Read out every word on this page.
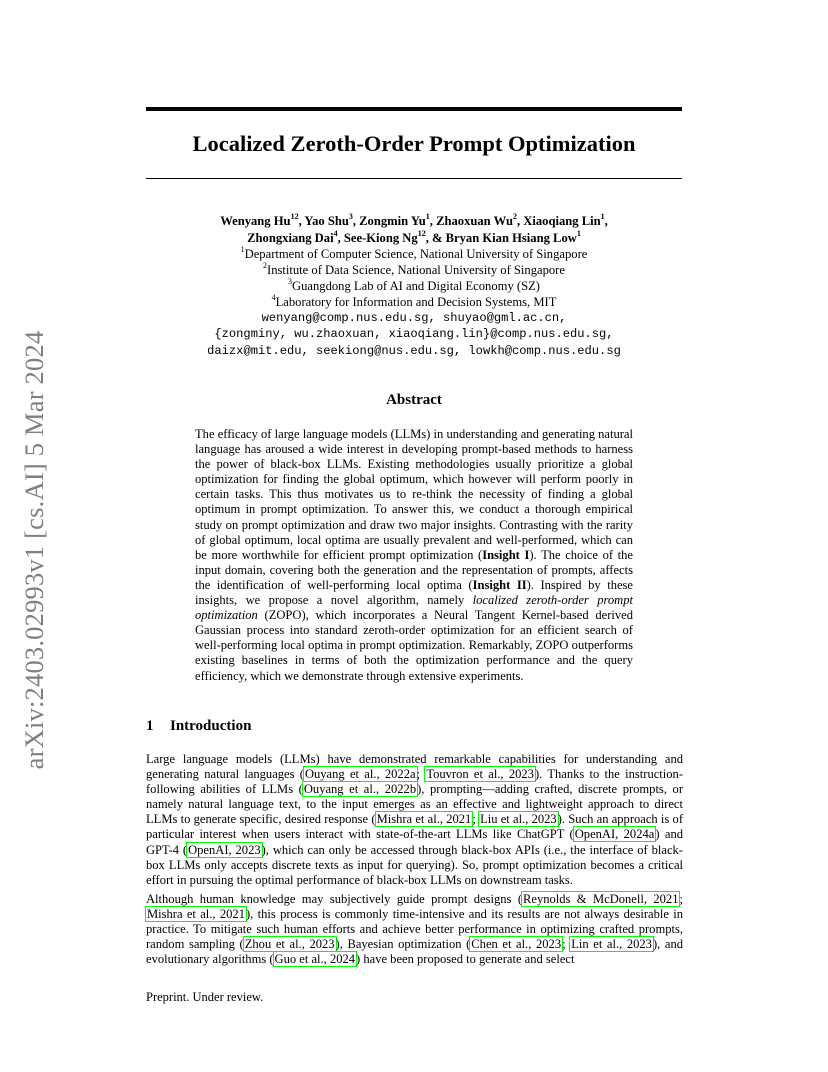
Localized Zeroth-Order Prompt Optimization
arXiv:2403.02993v1 [cs.AI] 5 Mar 2024
Wenyang Hu$^{12}$, Yao Shu$^3$, Zongmin Yu$^1$, Zhaoxuan Wu$^2$, Xiaoqiang Lin$^1$,
Zhongxiang Dai$^4$, See-Kiong Ng$^{12}$, & Bryan Kian Hsiang Low$^1$
$^1$Department of Computer Science, National University of Singapore
$^2$Institute of Data Science, National University of Singapore
$^3$Guangdong Lab of AI and Digital Economy (SZ)
$^4$Laboratory for Information and Decision Systems, MIT
wenyang@comp.nus.edu.sg, shuyao@gml.ac.cn,
{zongminy, wu.zhaoxuan, xiaoqiang.lin}@comp.nus.edu.sg,
daizx@mit.edu, seekiong@nus.edu.sg, lowkh@comp.nus.edu.sg
Abstract
The efficacy of large language models (LLMs) in understanding and generating natural language has aroused a wide interest in developing prompt-based methods to harness the power of black-box LLMs. Existing methodologies usually prioritize a global optimization for finding the global optimum, which however will perform poorly in certain tasks. This thus motivates us to re-think the necessity of finding a global optimum in prompt optimization. To answer this, we conduct a thorough empirical study on prompt optimization and draw two major insights. Contrasting with the rarity of global optimum, local optima are usually prevalent and well-performed, which can be more worthwhile for efficient prompt optimization (Insight I). The choice of the input domain, covering both the generation and the representation of prompts, affects the identification of well-performing local optima (Insight II). Inspired by these insights, we propose a novel algorithm, namely localized zeroth-order prompt optimization (ZOPO), which incorporates a Neural Tangent Kernel-based derived Gaussian process into standard zeroth-order optimization for an efficient search of well-performing local optima in prompt optimization. Remarkably, ZOPO outperforms existing baselines in terms of both the optimization performance and the query efficiency, which we demonstrate through extensive experiments.
1 Introduction

Large language models (LLMs) have demonstrated remarkable capabilities for understanding and generating natural languages (Ouyang et al., 2022a; Touvron et al., 2023). Thanks to the instruction-following abilities of LLMs (Ouyang et al., 2022b), prompting—adding crafted, discrete prompts, or namely natural language text, to the input emerges as an effective and lightweight approach to direct LLMs to generate specific, desired response (Mishra et al., 2021; Liu et al., 2023). Such an approach is of particular interest when users interact with state-of-the-art LLMs like ChatGPT (OpenAI, 2024a) and GPT-4 (OpenAI, 2023), which can only be accessed through black-box APIs (i.e., the interface of black-box LLMs only accepts discrete texts as input for querying). So, prompt optimization becomes a critical effort in pursuing the optimal performance of black-box LLMs on downstream tasks.

Although human knowledge may subjectively guide prompt designs (Reynolds & McDonell, 2021; Mishra et al., 2021), this process is commonly time-intensive and its results are not always desirable in practice. To mitigate such human efforts and achieve better performance in optimizing crafted prompts, random sampling (Zhou et al., 2023), Bayesian optimization (Chen et al., 2023; Lin et al., 2023), and evolutionary algorithms (Guo et al., 2024) have been proposed to generate and select

Preprint. Under review.
